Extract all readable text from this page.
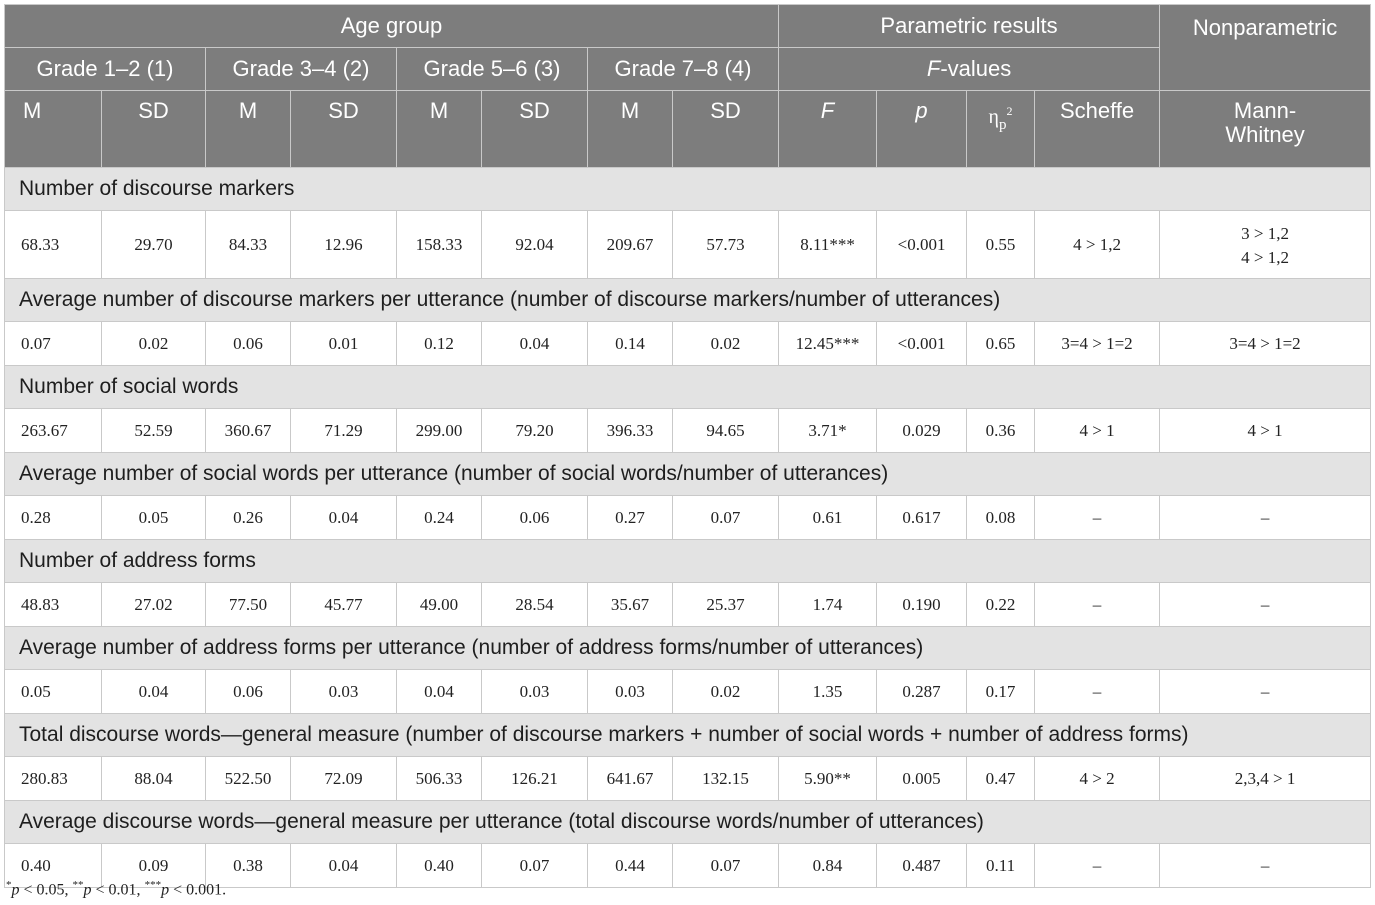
Age group								Parametric results				Nonparametric
Grade 1–2 (1)		Grade 3–4 (2)		Grade 5–6 (3)		Grade 7–8 (4)		F-values				
M	SD	M	SD	M	SD	M	SD	F	p	$\eta_p^2$	Scheffe	Mann-
Whitney
Number of discourse markers												
68.33	29.70	84.33	12.96	158.33	92.04	209.67	57.73	8.11***	<0.001	0.55	4 > 1,2	3 > 1,2
4 > 1,2
Average number of discourse markers per utterance (number of discourse markers/number of utterances)												
0.07	0.02	0.06	0.01	0.12	0.04	0.14	0.02	12.45***	<0.001	0.65	3=4 > 1=2	3=4 > 1=2
Number of social words												
263.67	52.59	360.67	71.29	299.00	79.20	396.33	94.65	3.71*	0.029	0.36	4 > 1	4 > 1
Average number of social words per utterance (number of social words/number of utterances)												
0.28	0.05	0.26	0.04	0.24	0.06	0.27	0.07	0.61	0.617	0.08	–	–
Number of address forms												
48.83	27.02	77.50	45.77	49.00	28.54	35.67	25.37	1.74	0.190	0.22	–	–
Average number of address forms per utterance (number of address forms/number of utterances)												
0.05	0.04	0.06	0.03	0.04	0.03	0.03	0.02	1.35	0.287	0.17	–	–
Total discourse words—general measure (number of discourse markers + number of social words + number of address forms)												
280.83	88.04	522.50	72.09	506.33	126.21	641.67	132.15	5.90**	0.005	0.47	4 > 2	2,3,4 > 1
Average discourse words—general measure per utterance (total discourse words/number of utterances)												
0.40	0.09	0.38	0.04	0.40	0.07	0.44	0.07	0.84	0.487	0.11	–	–
*p < 0.05, **p < 0.01, ***p < 0.001.
